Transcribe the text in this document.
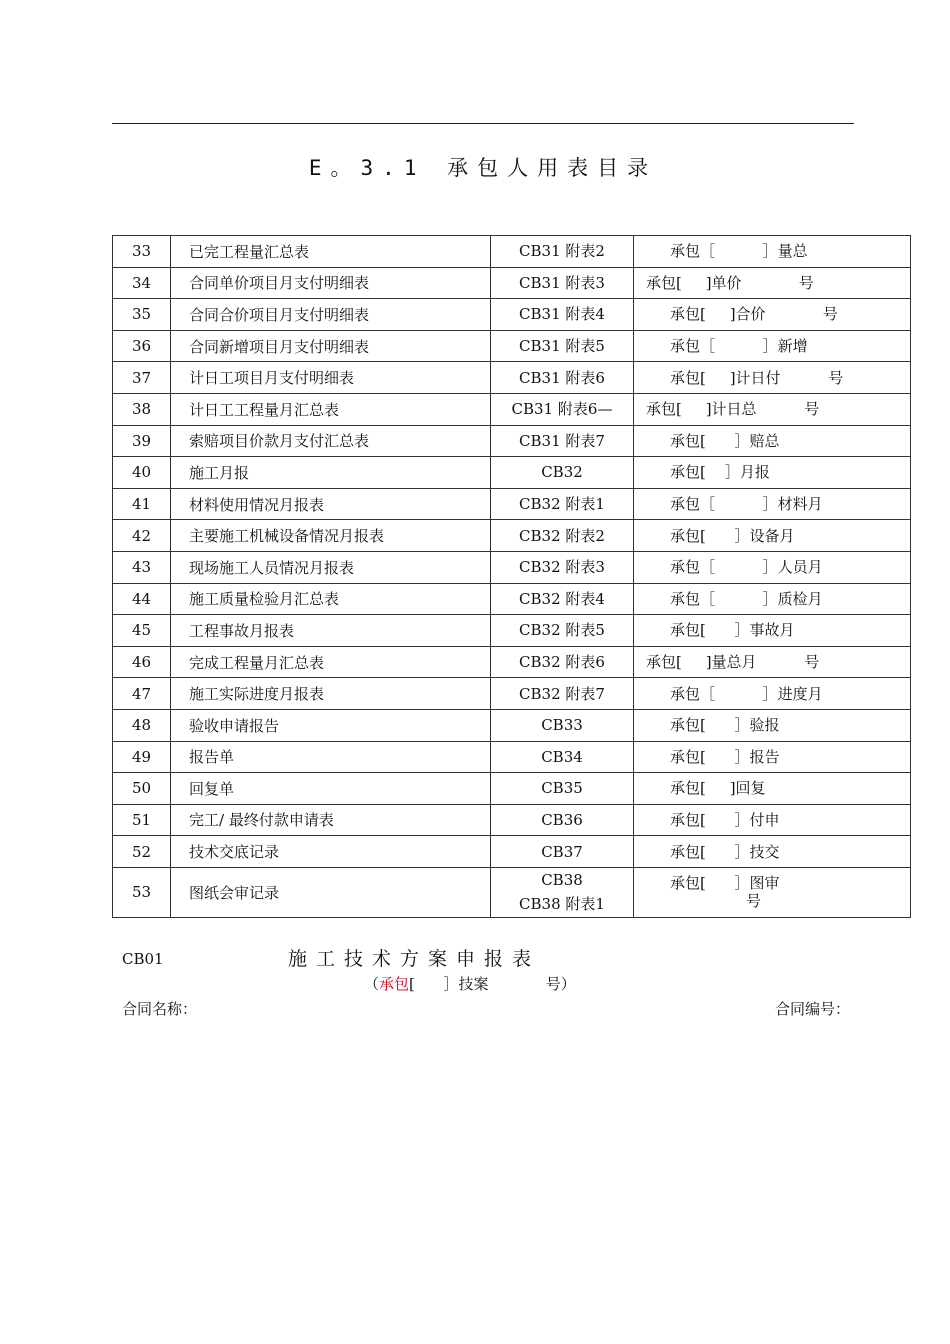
E。3.1 承包人用表目录
33	已完工程量汇总表	CB31 附表2	承包［          ］量总

34	合同单价项目月支付明细表	CB31 附表3	承包[     ]单价            号

35	合同合价项目月支付明细表	CB31 附表4	承包[     ]合价            号

36	合同新增项目月支付明细表	CB31 附表5	承包［          ］新增

37	计日工项目月支付明细表	CB31 附表6	承包[     ]计日付          号

38	计日工工程量月汇总表	CB31 附表6—	承包[     ]计日总          号

39	索赔项目价款月支付汇总表	CB31 附表7	承包[      ］赔总

40	施工月报	CB32	承包[    ］月报

41	材料使用情况月报表	CB32 附表1	承包［          ］材料月

42	主要施工机械设备情况月报表	CB32 附表2	承包[      ］设备月

43	现场施工人员情况月报表	CB32 附表3	承包［          ］人员月

44	施工质量检验月汇总表	CB32 附表4	承包［          ］质检月

45	工程事故月报表	CB32 附表5	承包[      ］事故月

46	完成工程量月汇总表	CB32 附表6	承包[     ]量总月          号

47	施工实际进度月报表	CB32 附表7	承包［          ］进度月

48	验收申请报告	CB33	承包[      ］验报

49	报告单	CB34	承包[      ］报告

50	回复单	CB35	承包[     ]回复

51	完工/ 最终付款申请表	CB36	承包[      ］付申

52	技术交底记录	CB37	承包[      ］技交

53	图纸会审记录	CB38
CB38 附表1	承包[      ］图审
号
CB01	施工技术方案申报表
（承包[      ］技案            号）
合同名称：	合同编号：
